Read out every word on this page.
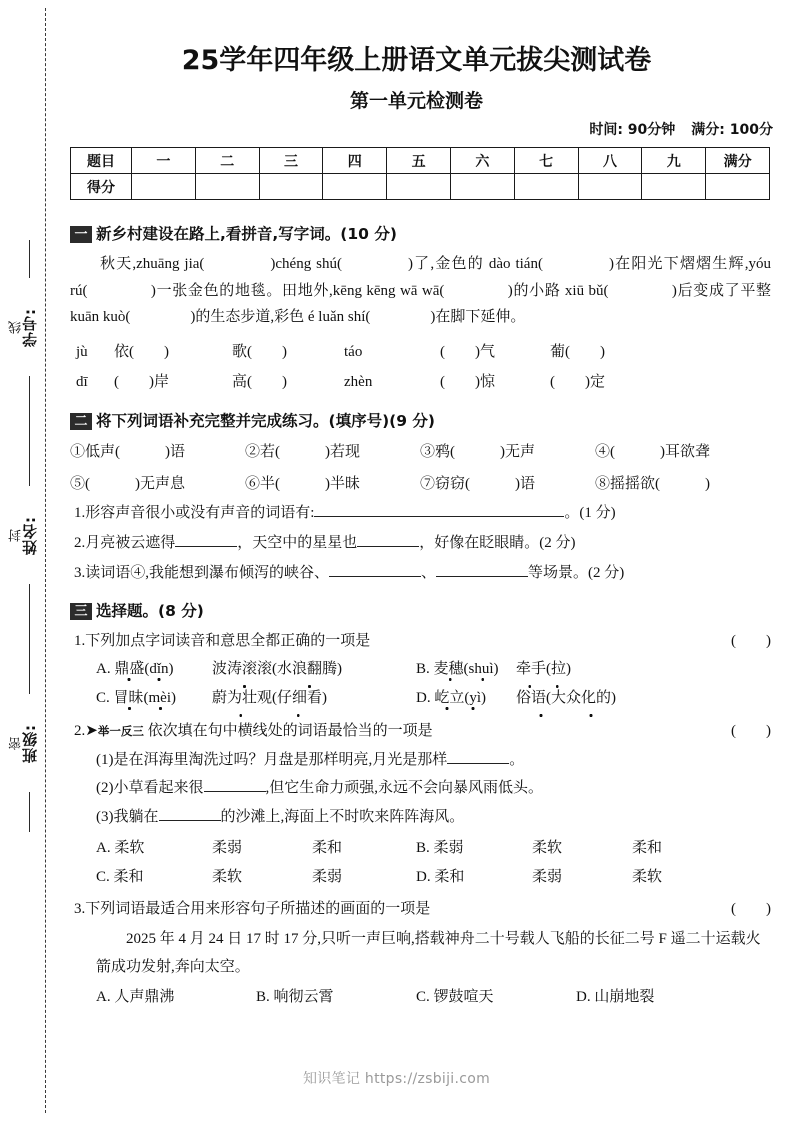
学号:
线
姓名:
封
班级:
密
25学年四年级上册语文单元拔尖测试卷
第一单元检测卷
时间: 90分钟 满分: 100分
题目	一	二	三	四	五	六	七	八	九	满分
得分										
一 新乡村建设在路上,看拼音,写字词。(10 分)
秋天,zhuāng jia(　　　　)chéng shú(　　　　)了,金色的 dào tián(　　　　)在阳光下熠熠生辉,yóu rú(　　　　)一张金色的地毯。田地外,kēng kēng wā wā(　　　　)的小路 xiū bǔ(　　　　)后变成了平整 kuān kuò(　　　　)的生态步道,彩色 é luǎn shí(　　　　)在脚下延伸。
jù	依(　　)	歌(　　)	táo	(　　)气	葡(　　)
dī	(　　)岸	高(　　)	zhèn	(　　)惊	(　　)定
二 将下列词语补充完整并完成练习。(填序号)(9 分)
①低声(　　　)语	②若(　　　)若现	③鸦(　　　)无声	④(　　　)耳欲聋
⑤(　　　)无声息	⑥半(　　　)半昧	⑦窃窃(　　　)语	⑧摇摇欲(　　　)
1. 形容声音很小或没有声音的词语有:	。(1 分)
2. 月亮被云遮得	，天空中的星星也	，好像在眨眼睛。(2 分)
3. 读词语④,我能想到瀑布倾泻的峡谷、	、	等场景。(2 分)
三 选择题。(8 分)
1. 下列加点字词读音和意思全都正确的一项是	(　　)
A. 鼎盛(dǐn)	波涛滚滚(水浪翻腾)	B. 麦穗(shuì)	牵手(拉)
C. 冒昧(mèi)	蔚为壮观(仔细看)	D. 屹立(yì)	俗语(大众化的)
2. ➤举一反三 依次填在句中横线处的词语最恰当的一项是	(　　)
(1)是在洱海里淘洗过吗？月盘是那样明亮,月光是那样	。
(2)小草看起来很	,但它生命力顽强,永远不会向暴风雨低头。
(3)我躺在	的沙滩上,海面上不时吹来阵阵海风。
A. 柔软	柔弱	柔和	B. 柔弱	柔软	柔和
C. 柔和	柔软	柔弱	D. 柔和	柔弱	柔软
3. 下列词语最适合用来形容句子所描述的画面的一项是	(　　)
2025 年 4 月 24 日 17 时 17 分,只听一声巨响,搭载神舟二十号载人飞船的长征二号 F 遥二十运载火箭成功发射,奔向太空。
A. 人声鼎沸	B. 响彻云霄	C. 锣鼓喧天	D. 山崩地裂
知识笔记 https://zsbiji.com
